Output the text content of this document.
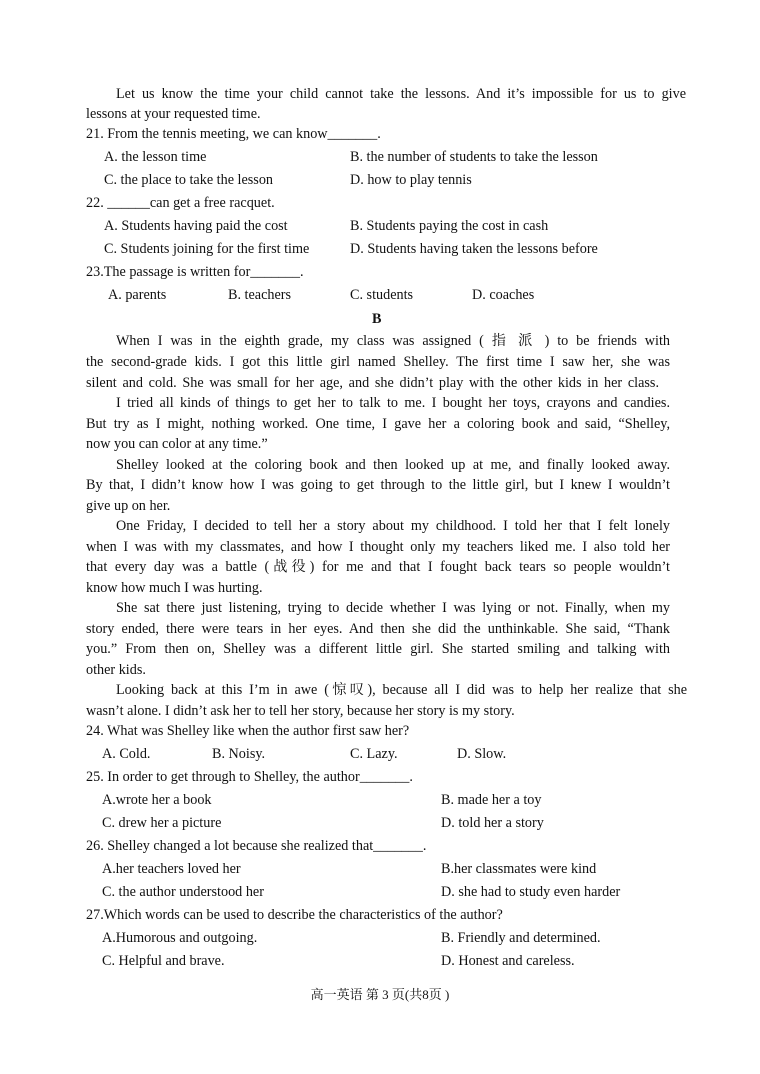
Let us know the time your child cannot take the lessons. And it’s impossible for us to give
lessons at your requested time.
21. From the tennis meeting, we can know_______.
A. the lesson time	B. the number of students to take the lesson
C. the place to take the lesson	D. how to play tennis
22. ______can get a free racquet.
A. Students having paid the cost	B. Students paying the cost in cash
C. Students joining for the first time	D. Students having taken the lessons before
23.The passage is written for_______.
A. parents	B. teachers	C. students	D. coaches
B
When I was in the eighth grade, my class was assigned ( 指 派 ) to be friends with
the second-grade kids. I got this little girl named Shelley. The first time I saw her, she was
silent and cold. She was small for her age, and she didn’t play with the other kids in her class.
I tried all kinds of things to get her to talk to me. I bought her toys, crayons and candies.
But try as I might, nothing worked. One time, I gave her a coloring book and said, “Shelley,
now you can color at any time.”
Shelley looked at the coloring book and then looked up at me, and finally looked away.
By that, I didn’t know how I was going to get through to the little girl, but I knew I wouldn’t
give up on her.
One Friday, I decided to tell her a story about my childhood. I told her that I felt lonely
when I was with my classmates, and how I thought only my teachers liked me. I also told her
that every day was a battle (战役) for me and that I fought back tears so people wouldn’t
know how much I was hurting.
She sat there just listening, trying to decide whether I was lying or not. Finally, when my
story ended, there were tears in her eyes. And then she did the unthinkable. She said, “Thank
you.” From then on, Shelley was a different little girl. She started smiling and talking with
other kids.
Looking back at this I’m in awe (惊叹), because all I did was to help her realize that she
wasn’t alone. I didn’t ask her to tell her story, because her story is my story.
24. What was Shelley like when the author first saw her?
A. Cold.	B. Noisy.	C. Lazy.	D. Slow.
25. In order to get through to Shelley, the author_______.
A.wrote her a book	B. made her a toy
C. drew her a picture	D. told her a story
26. Shelley changed a lot because she realized that_______.
A.her teachers loved her	B.her classmates were kind
C. the author understood her	D. she had to study even harder
27.Which words can be used to describe the characteristics of the author?
A.Humorous and outgoing.	B. Friendly and determined.
C. Helpful and brave.	D. Honest and careless.
高一英语 第 3 页(共8页 )
